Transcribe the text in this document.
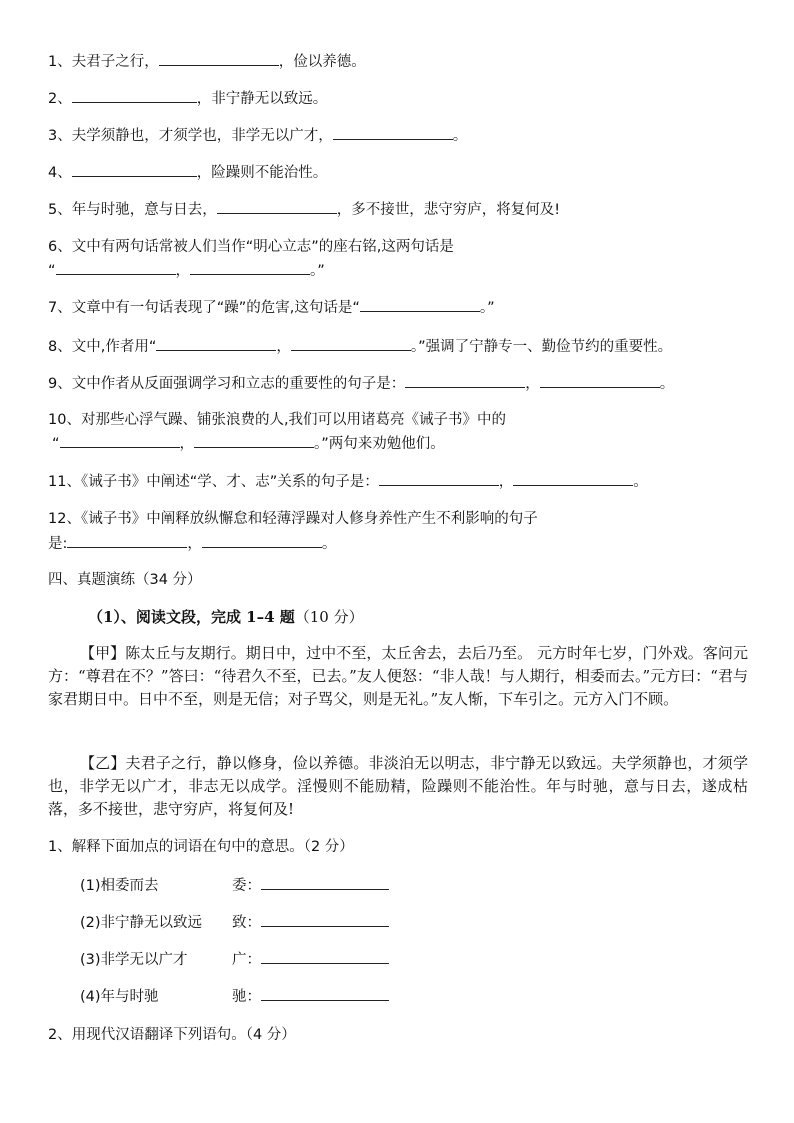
1、夫君子之行，	，俭以养德。
2、	，非宁静无以致远。
3、夫学须静也，才须学也，非学无以广才，	。
4、	，险躁则不能治性。
5、年与时驰，意与日去，	，多不接世，悲守穷庐，将复何及!
6、文中有两句话常被人们当作“明心立志”的座右铭,这两句话是
“	，	。”
7、文章中有一句话表现了“躁”的危害,这句话是“	。”
8、文中,作者用“	，	。”强调了宁静专一、勤俭节约的重要性。
9、文中作者从反面强调学习和立志的重要性的句子是：	，	。
10、对那些心浮气躁、铺张浪费的人,我们可以用诸葛亮《诫子书》中的
“	，	。”两句来劝勉他们。
11、《诫子书》中阐述“学、才、志”关系的句子是：	，	。
12、《诫子书》中阐释放纵懈怠和轻薄浮躁对人修身养性产生不利影响的句子
是:	，	。
四、真题演练（34 分）
（1）、阅读文段，完成 1–4 题（10 分）
【甲】陈太丘与友期行。期日中，过中不至，太丘舍去，去后乃至。 元方时年七岁，门外戏。客问元方：“尊君在不？”答曰：“待君久不至，已去。”友人便怒：“非人哉！与人期行，相委而去。”元方曰：“君与家君期日中。日中不至，则是无信；对子骂父，则是无礼。”友人惭，下车引之。元方入门不顾。
【乙】夫君子之行，静以修身，俭以养德。非淡泊无以明志，非宁静无以致远。夫学须静也，才须学也，非学无以广才，非志无以成学。淫慢则不能励精，险躁则不能治性。年与时驰，意与日去，遂成枯落，多不接世，悲守穷庐，将复何及!
1、解释下面加点的词语在句中的意思。（2 分）
(1)相委而去	委：
(2)非宁静无以致远 致：
(3)非学无以广才	广：
(4)年与时驰	驰：
2、用现代汉语翻译下列语句。（4 分）
